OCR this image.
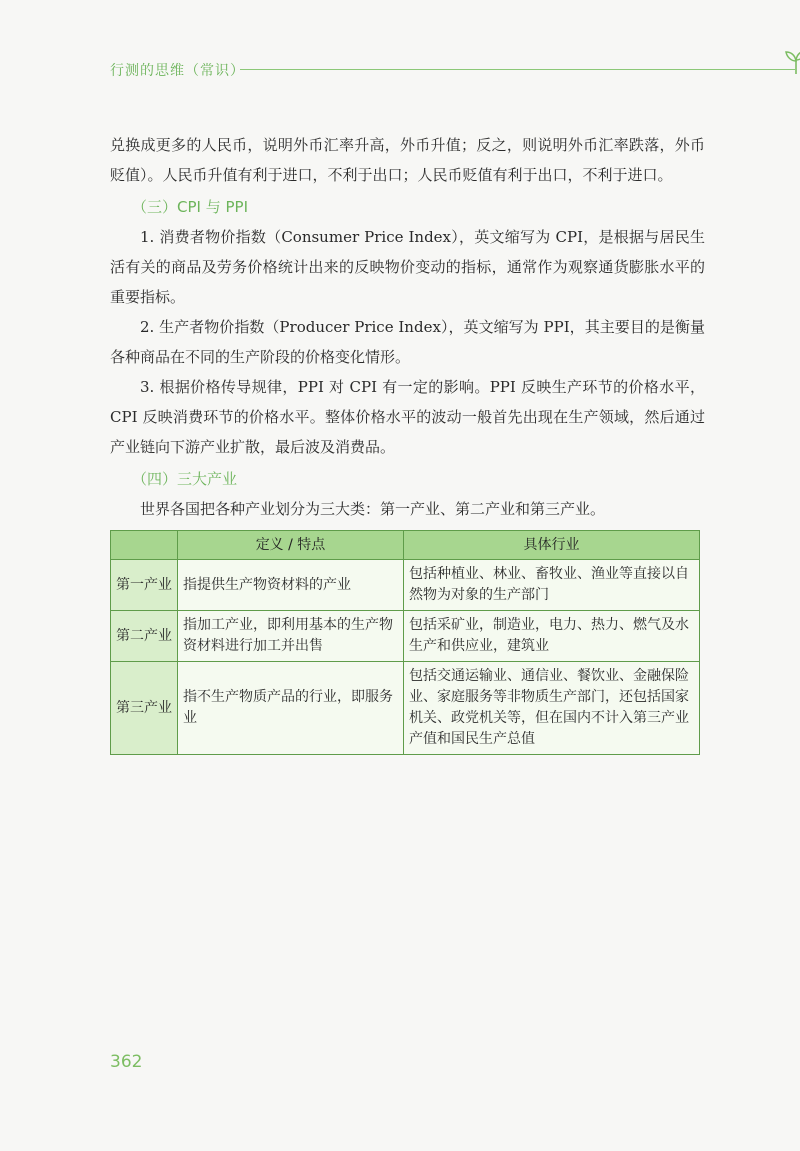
行测的思维（常识）

兑换成更多的人民币，说明外币汇率升高，外币升值；反之，则说明外币汇率跌落，外币贬值）。人民币升值有利于进口，不利于出口；人民币贬值有利于出口，不利于进口。

（三）CPI 与 PPI

1. 消费者物价指数（Consumer Price Index），英文缩写为 CPI，是根据与居民生活有关的商品及劳务价格统计出来的反映物价变动的指标，通常作为观察通货膨胀水平的重要指标。

2. 生产者物价指数（Producer Price Index），英文缩写为 PPI，其主要目的是衡量各种商品在不同的生产阶段的价格变化情形。

3. 根据价格传导规律，PPI 对 CPI 有一定的影响。PPI 反映生产环节的价格水平，CPI 反映消费环节的价格水平。整体价格水平的波动一般首先出现在生产领域，然后通过产业链向下游产业扩散，最后波及消费品。

（四）三大产业

世界各国把各种产业划分为三大类：第一产业、第二产业和第三产业。

	定义 / 特点	具体行业
第一产业	指提供生产物资材料的产业	包括种植业、林业、畜牧业、渔业等直接以自然物为对象的生产部门
第二产业	指加工产业，即利用基本的生产物资材料进行加工并出售	包括采矿业，制造业，电力、热力、燃气及水生产和供应业，建筑业
第三产业	指不生产物质产品的行业，即服务业	包括交通运输业、通信业、餐饮业、金融保险业、家庭服务等非物质生产部门，还包括国家机关、政党机关等，但在国内不计入第三产业产值和国民生产总值
362
